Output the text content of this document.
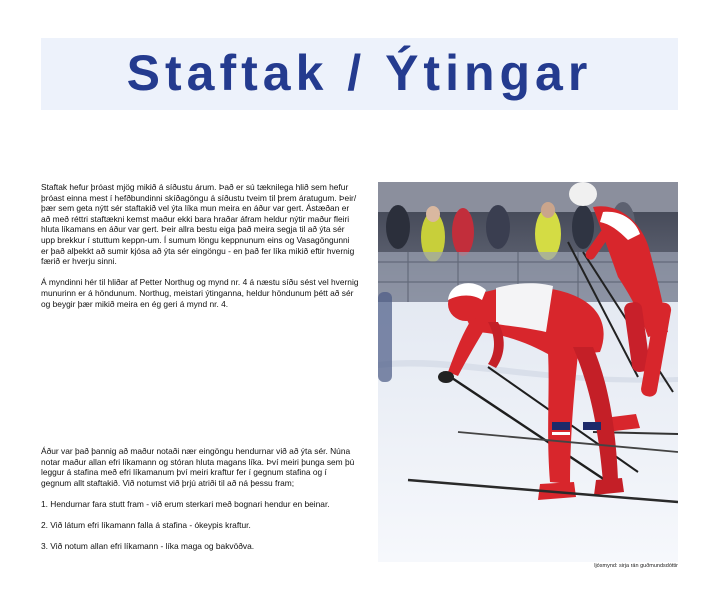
Staftak / Ýtingar

Staftak hefur þróast mjög mikið á síðustu árum. Það er sú tæknilega hlið sem hefur þróast einna mest í hefðbundinni skíðagöngu á síðustu tveim til þrem áratugum. Þeir/þær sem geta nýtt sér staftakið vel ýta líka mun meira en áður var gert. Ástæðan er að með réttri staftækni kemst maður ekki bara hraðar áfram heldur nýtir maður fleiri hluta líkamans en áður var gert. Þeir allra bestu eiga það meira segja til að ýta sér upp brekkur í stuttum keppn-um. Í sumum löngu keppnunum eins og Vasagöngunni er það alþekkt að sumir kjósa að ýta sér eingöngu - en það fer líka mikið eftir hvernig færið er hverju sinni.

Á myndinni hér til hliðar af Petter Northug og mynd nr. 4 á næstu síðu sést vel hvernig munurinn er á höndunum. Northug, meistari ýtinganna, heldur höndunum þétt að sér og beygir þær mikið meira en ég geri á mynd nr. 4.

Áður var það þannig að maður notaði nær eingöngu hendurnar við að ýta sér. Núna notar maður allan efri líkamann og stóran hluta magans líka. Því meiri þunga sem þú leggur á stafina með efri líkamanum því meiri kraftur fer í gegnum stafina og í gegnum allt staftakið. Við notumst við þrjú atriði til að ná þessu fram;

1. Hendurnar fara stutt fram - við erum sterkari með bognari hendur en beinar.

2. Við látum efri líkamann falla á stafina - ókeypis kraftur.

3. Við notum allan efri líkamann - líka maga og bakvöðva.

ljósmynd: sirja rán guðmundsdóttir
